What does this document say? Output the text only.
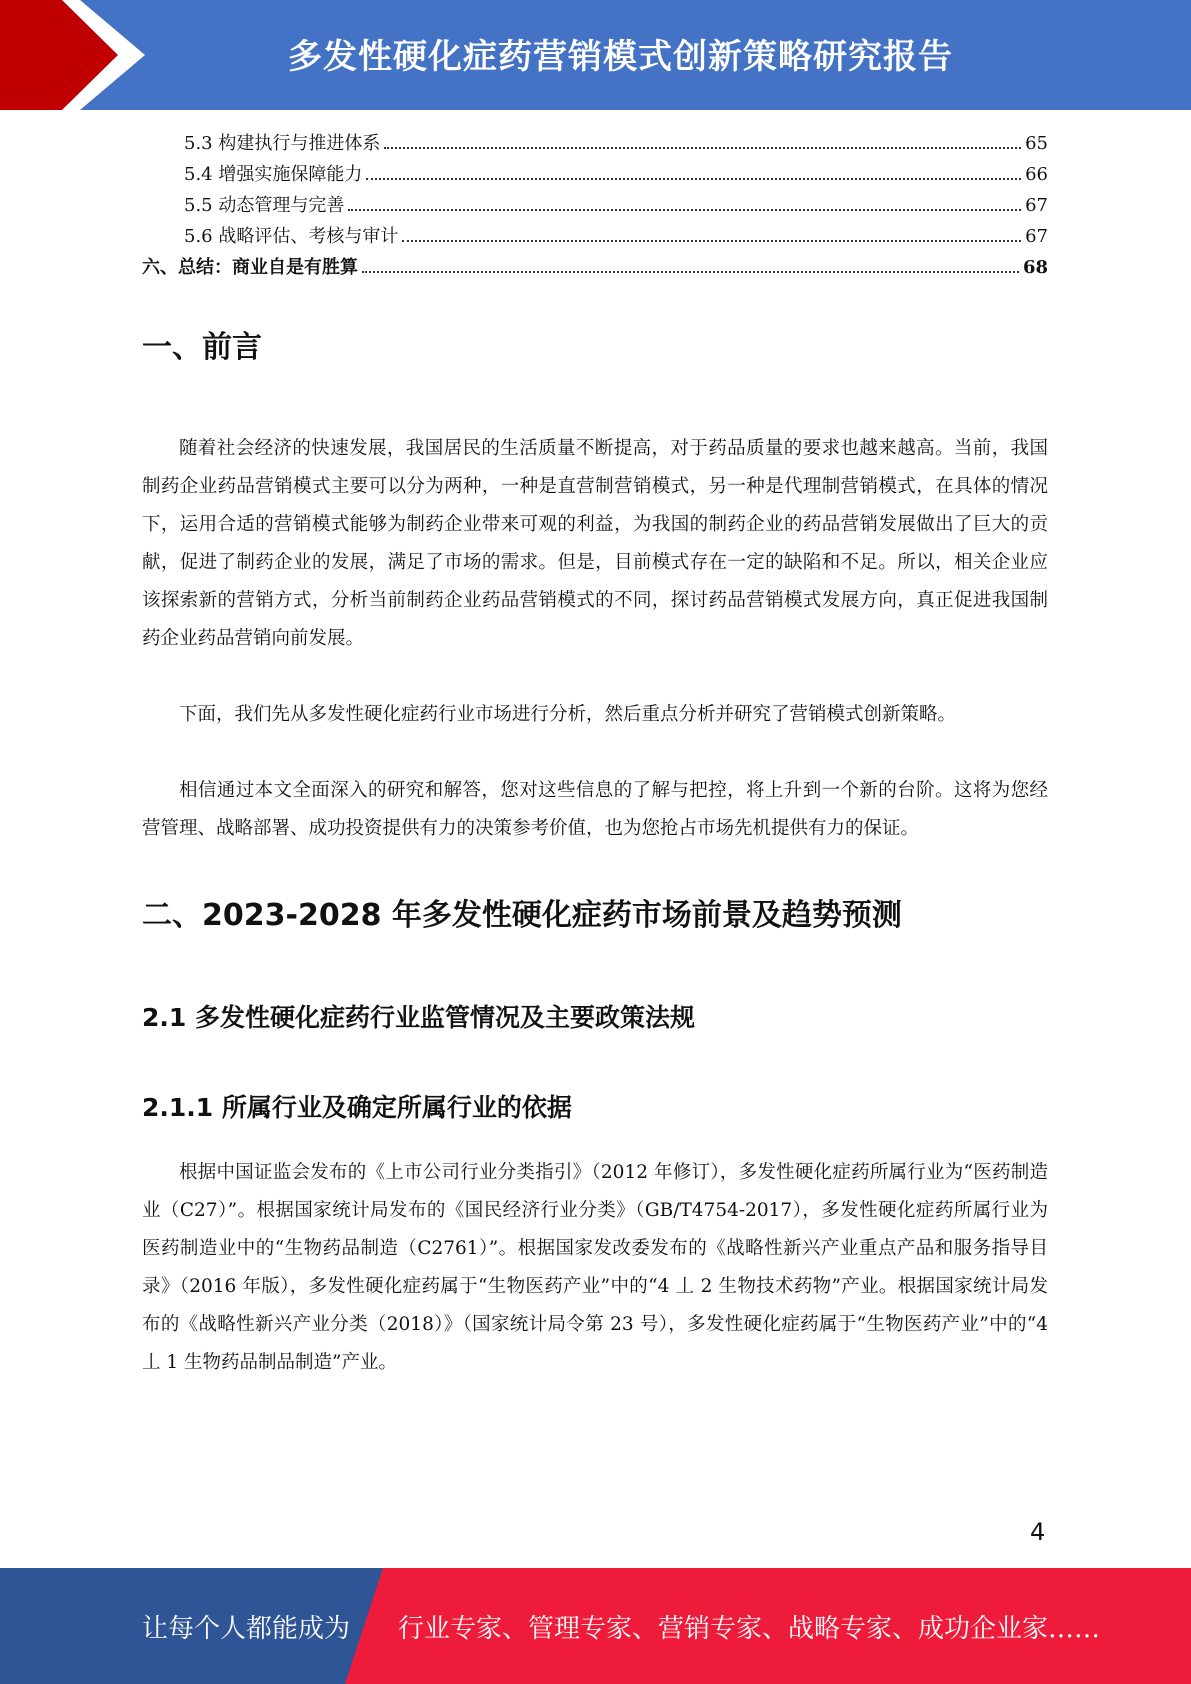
多发性硬化症药营销模式创新策略研究报告
5.3 构建执行与推进体系	65
5.4 增强实施保障能力	66
5.5 动态管理与完善	67
5.6 战略评估、考核与审计	67
六、总结：商业自是有胜算	68
一、前言

随着社会经济的快速发展，我国居民的生活质量不断提高，对于药品质量的要求也越来越高。当前，我国制药企业药品营销模式主要可以分为两种，一种是直营制营销模式，另一种是代理制营销模式，在具体的情况下，运用合适的营销模式能够为制药企业带来可观的利益，为我国的制药企业的药品营销发展做出了巨大的贡献，促进了制药企业的发展，满足了市场的需求。但是，目前模式存在一定的缺陷和不足。所以，相关企业应该探索新的营销方式，分析当前制药企业药品营销模式的不同，探讨药品营销模式发展方向，真正促进我国制药企业药品营销向前发展。

下面，我们先从多发性硬化症药行业市场进行分析，然后重点分析并研究了营销模式创新策略。

相信通过本文全面深入的研究和解答，您对这些信息的了解与把控，将上升到一个新的台阶。这将为您经营管理、战略部署、成功投资提供有力的决策参考价值，也为您抢占市场先机提供有力的保证。

二、2023-2028 年多发性硬化症药市场前景及趋势预测
2.1 多发性硬化症药行业监管情况及主要政策法规
2.1.1 所属行业及确定所属行业的依据

根据中国证监会发布的《上市公司行业分类指引》（2012 年修订），多发性硬化症药所属行业为“医药制造业（C27）”。根据国家统计局发布的《国民经济行业分类》（GB/T4754-2017），多发性硬化症药所属行业为医药制造业中的“生物药品制造（C2761）”。根据国家发改委发布的《战略性新兴产业重点产品和服务指导目录》（2016 年版），多发性硬化症药属于“生物医药产业”中的“4 丄 2 生物技术药物”产业。根据国家统计局发布的《战略性新兴产业分类（2018）》（国家统计局令第 23 号），多发性硬化症药属于“生物医药产业”中的“4 丄 1 生物药品制品制造”产业。

4
让每个人都能成为 行业专家、管理专家、营销专家、战略专家、成功企业家……
